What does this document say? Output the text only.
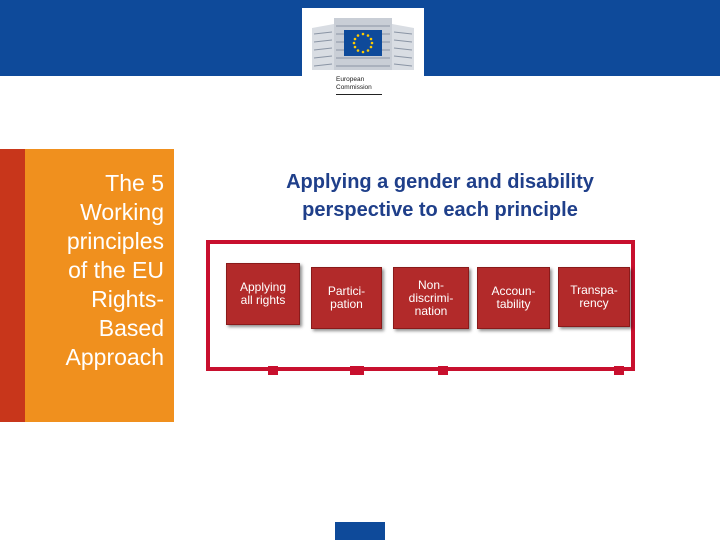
European
Commission
The 5
Working
principles
of the EU
Rights-
Based
Approach
Applying a gender and disability
perspective to each principle
Applying
all rights
Partici-
pation
Non-
discrimi-
nation
Accoun-
tability
Transpa-
rency
